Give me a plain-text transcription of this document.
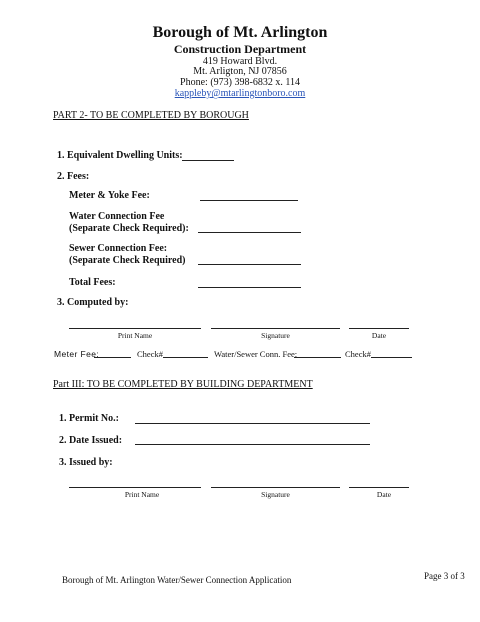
Borough of Mt. Arlington
Construction Department
419 Howard Blvd.
Mt. Arligton, NJ 07856
Phone: (973) 398-6832 x. 114
kappleby@mtarlingtonboro.com
PART 2- TO BE COMPLETED BY BOROUGH
1. Equivalent Dwelling Units:
2. Fees:
Meter & Yoke Fee:
Water Connection Fee
(Separate Check Required):
Sewer Connection Fee:
(Separate Check Required)
Total Fees:
3. Computed by:
Print Name	Signature	Date
Meter Fee:	Check#	Water/Sewer Conn. Fee:	Check#
Part III: TO BE COMPLETED BY BUILDING DEPARTMENT
1. Permit No.:
2. Date Issued:
3. Issued by:
Print Name	Signature	Date
Borough of Mt. Arlington Water/Sewer Connection Application	Page 3 of 3
